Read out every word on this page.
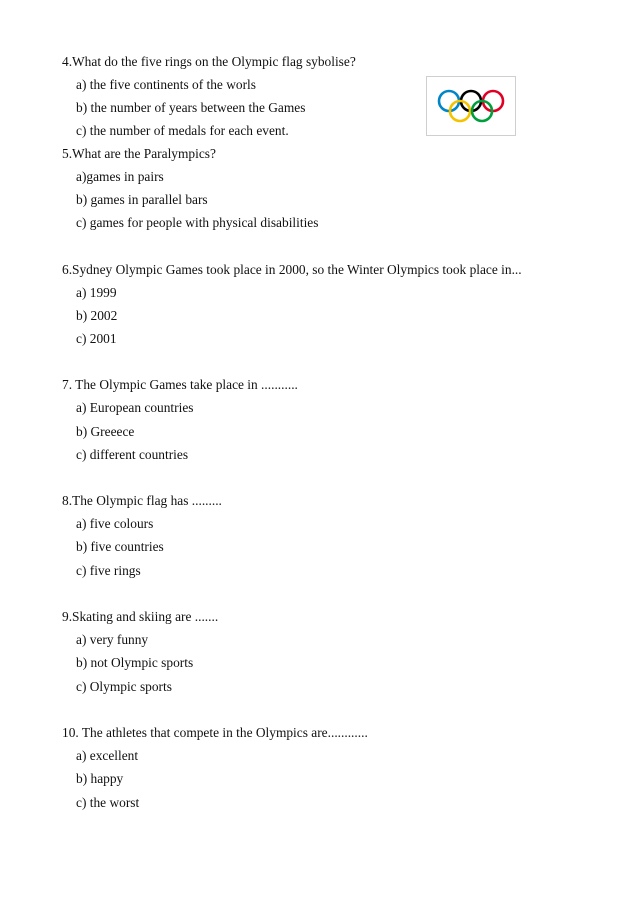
4.What do the five rings on the Olympic flag sybolise?
a) the five continents of the worls
b) the number of years between the Games
c) the number of medals for each event.
5.What are the Paralympics?
a)games in pairs
b) games in parallel bars
c) games for people with physical disabilities
6.Sydney Olympic Games took place in 2000, so the Winter Olympics took place in...
a) 1999
b) 2002
c) 2001
7. The Olympic Games take place in ...........
a) European countries
b) Greeece
c) different countries
8.The Olympic flag has .........
a) five colours
b) five countries
c) five rings
9.Skating and skiing are .......
a) very funny
b) not Olympic sports
c) Olympic sports
10. The athletes that compete in the Olympics are............
a) excellent
b) happy
c) the worst
